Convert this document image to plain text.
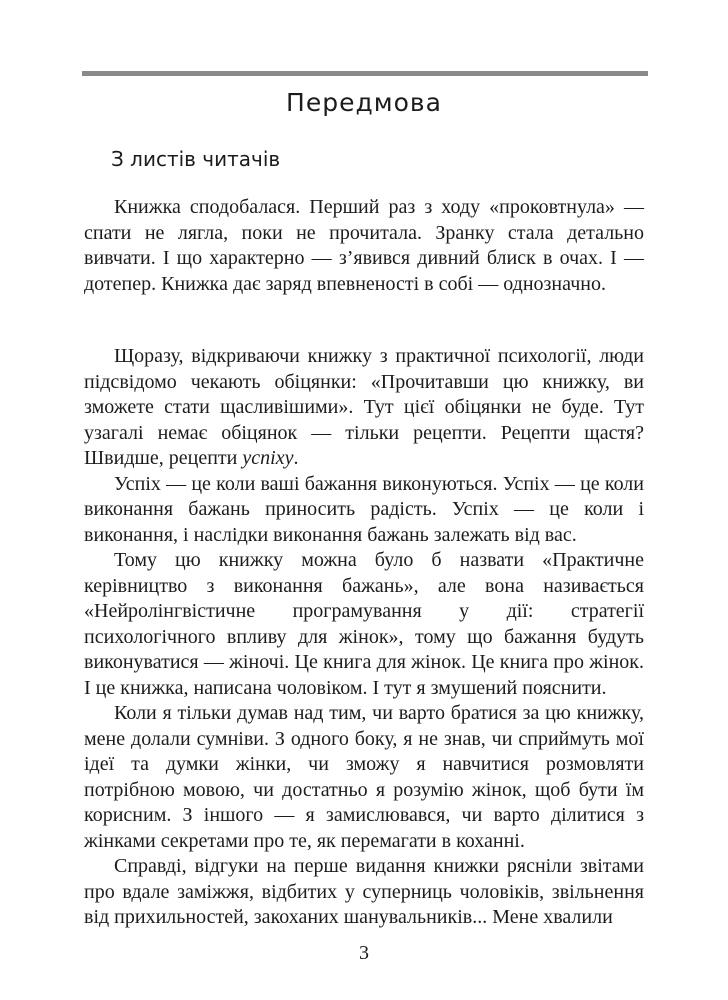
Передмова
З листів читачів

Книжка сподобалася. Перший раз з ходу «проковтнула» — спати не лягла, поки не прочитала. Зранку стала детально вивчати. І що характерно — з’явився дивний блиск в очах. І — дотепер. Книжка дає заряд впевненості в собі — однозначно.

Щоразу, відкриваючи книжку з практичної психології, люди підсвідомо чекають обіцянки: «Прочитавши цю книжку, ви зможете стати щасливішими». Тут цієї обіцянки не буде. Тут узагалі немає обіцянок — тільки рецепти. Рецепти щастя? Швидше, рецепти успіху.

Успіх — це коли ваші бажання виконуються. Успіх — це коли виконання бажань приносить радість. Успіх — це коли і виконання, і наслідки виконання бажань залежать від вас.

Тому цю книжку можна було б назвати «Практичне керівництво з виконання бажань», але вона називається «Нейролінгвістичне програмування у дії: стратегії психологічного впливу для жінок», тому що бажання будуть виконуватися — жіночі. Це книга для жінок. Це книга про жінок. І це книжка, написана чоловіком. І тут я змушений пояснити.

Коли я тільки думав над тим, чи варто братися за цю книжку, мене долали сумніви. З одного боку, я не знав, чи сприймуть мої ідеї та думки жінки, чи зможу я навчитися розмовляти потрібною мовою, чи достатньо я розумію жінок, щоб бути їм корисним. З іншого — я замислювався, чи варто ділитися з жінками секретами про те, як перемагати в коханні.

Справді, відгуки на перше видання книжки рясніли звітами про вдале заміжжя, відбитих у суперниць чоловіків, звільнення від прихильностей, закоханих шанувальників... Мене хвалили

3
